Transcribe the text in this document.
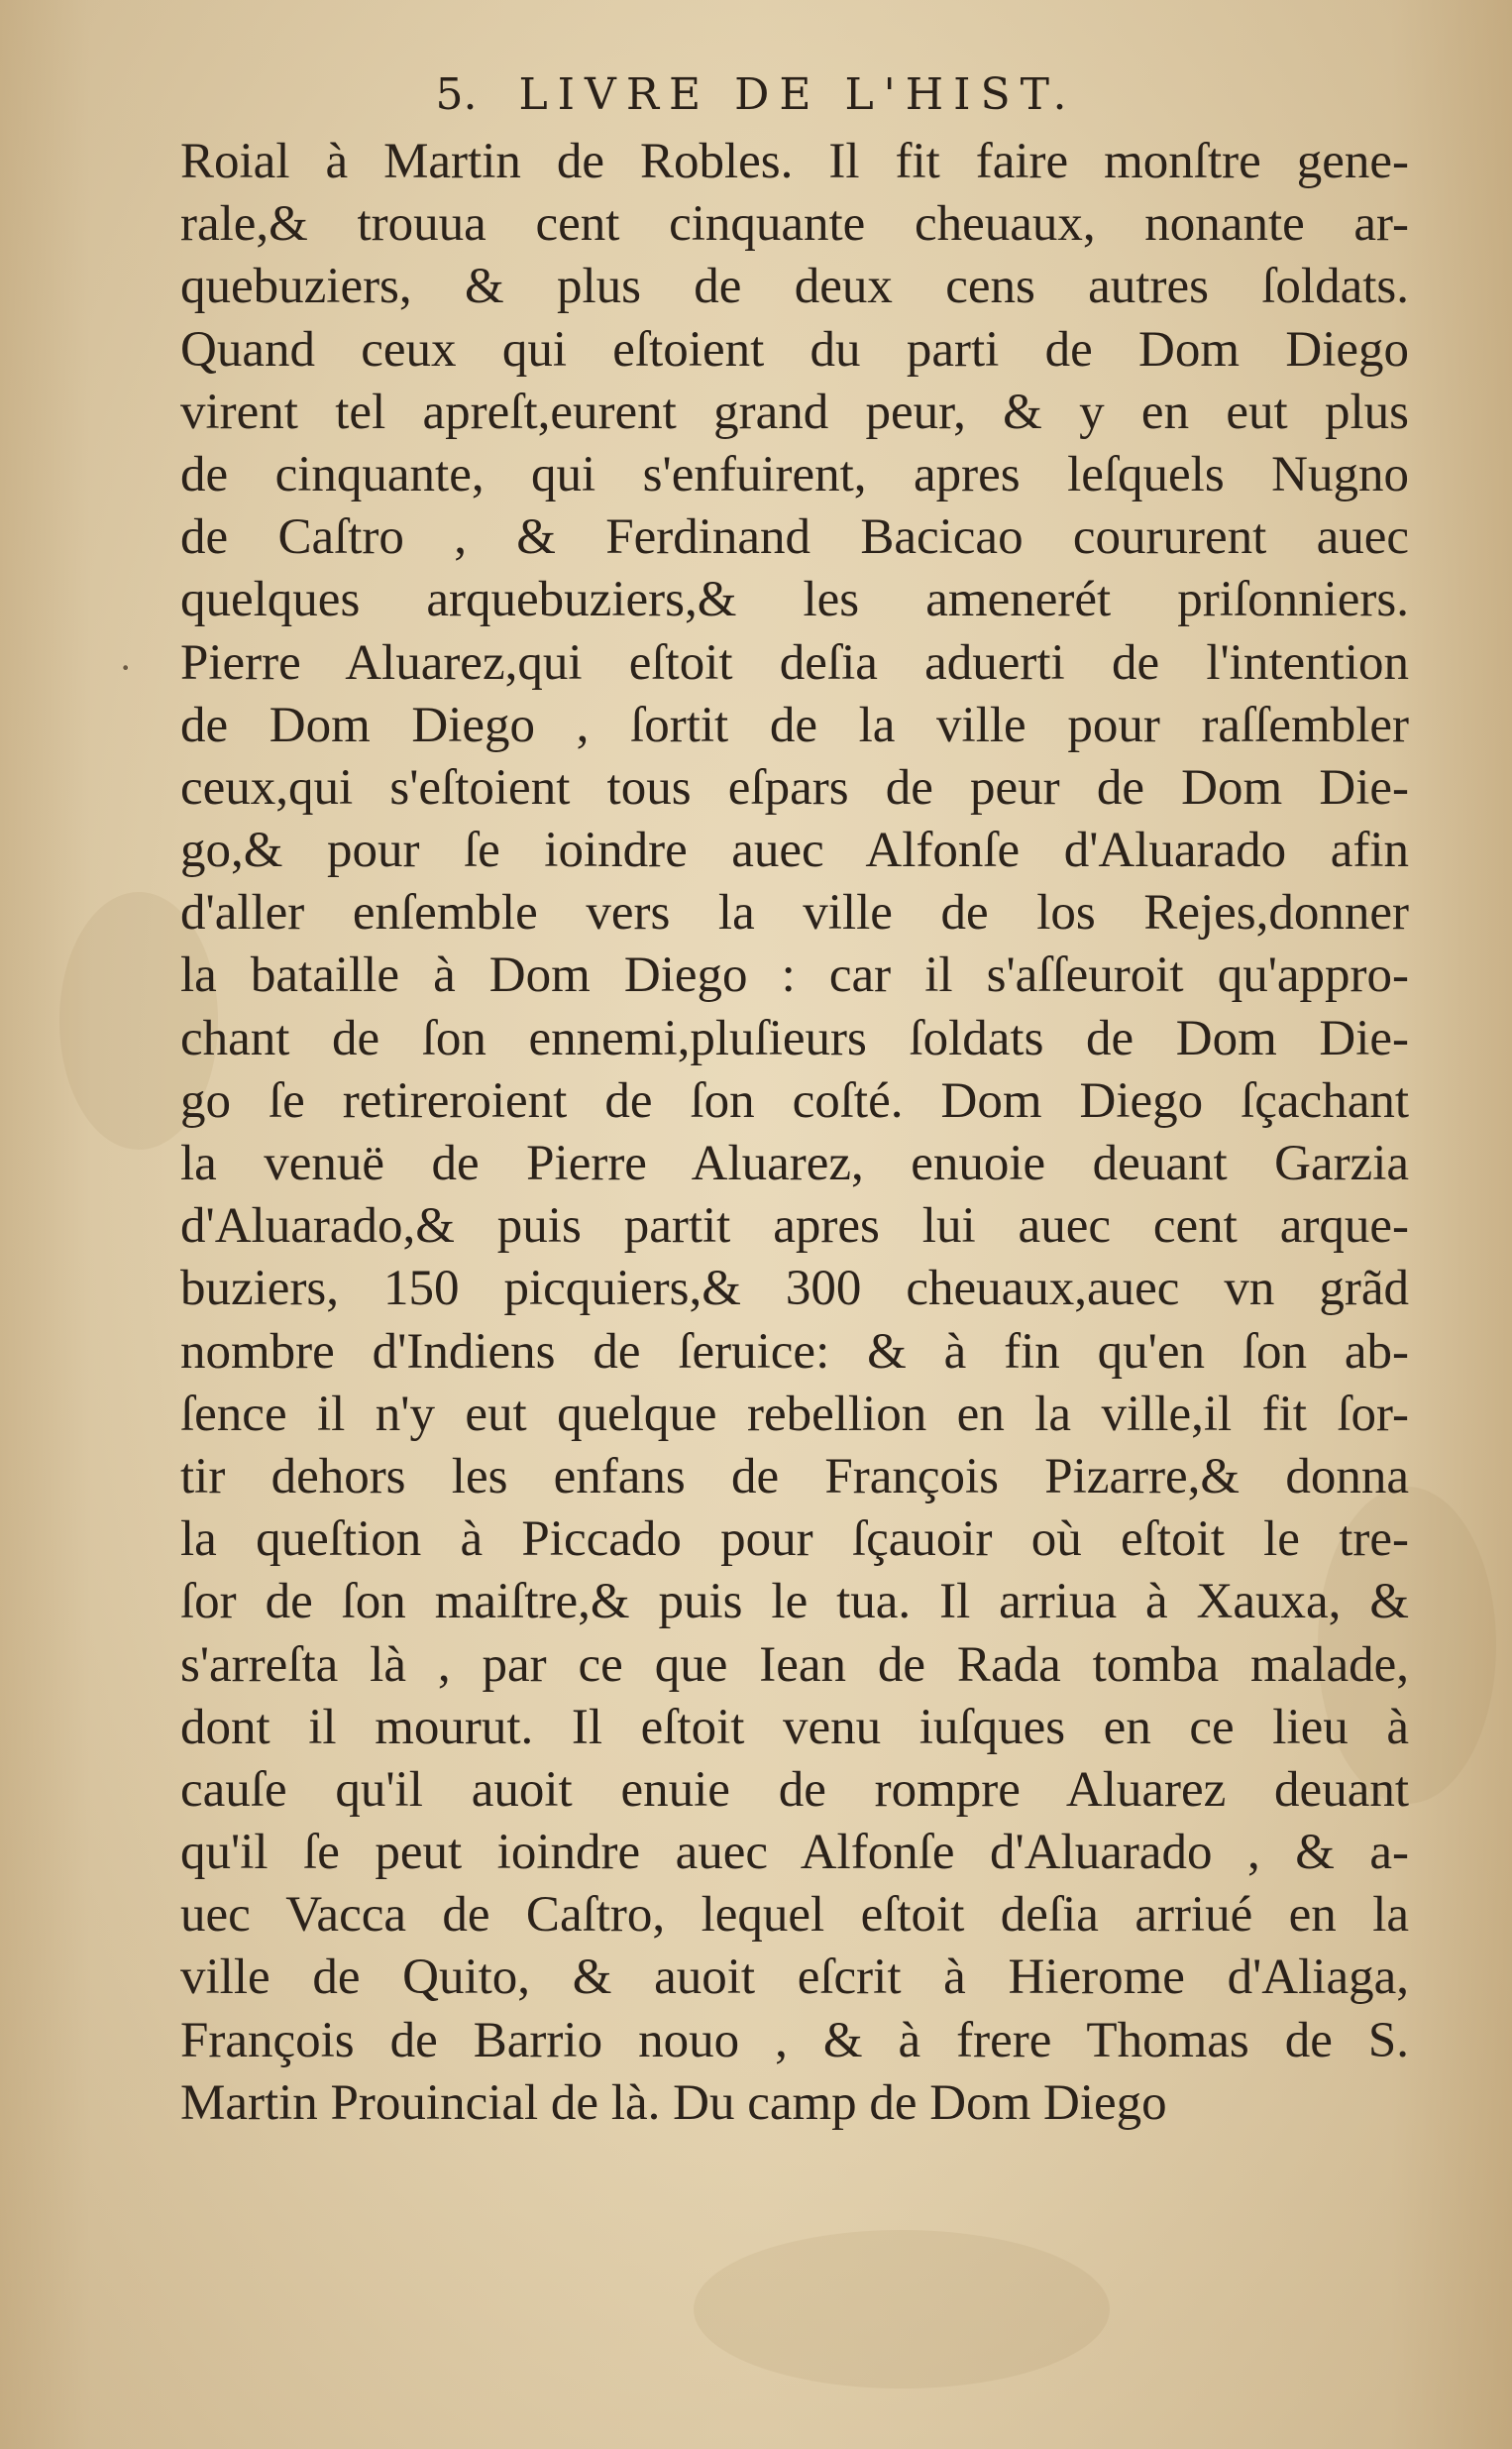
5. LIVRE DE L'HIST.
·
Roial à Martin de Robles. Il fit faire monſtre gene-
rale,& trouua cent cinquante cheuaux, nonante ar-
quebuziers, & plus de deux cens autres ſoldats.
Quand ceux qui eſtoient du parti de Dom Diego
virent tel apreſt,eurent grand peur, & y en eut plus
de cinquante, qui s'enfuirent, apres leſquels Nugno
de Caſtro , & Ferdinand Bacicao coururent auec
quelques arquebuziers,& les amenerét priſonniers.
Pierre Aluarez,qui eſtoit deſia aduerti de l'intention
de Dom Diego , ſortit de la ville pour raſſembler
ceux,qui s'eſtoient tous eſpars de peur de Dom Die-
go,& pour ſe ioindre auec Alfonſe d'Aluarado afin
d'aller enſemble vers la ville de los Rejes,donner
la bataille à Dom Diego : car il s'aſſeuroit qu'appro-
chant de ſon ennemi,pluſieurs ſoldats de Dom Die-
go ſe retireroient de ſon coſté. Dom Diego ſçachant
la venuë de Pierre Aluarez, enuoie deuant Garzia
d'Aluarado,& puis partit apres lui auec cent arque-
buziers, 150 picquiers,& 300 cheuaux,auec vn grãd
nombre d'Indiens de ſeruice: & à fin qu'en ſon ab-
ſence il n'y eut quelque rebellion en la ville,il fit ſor-
tir dehors les enfans de François Pizarre,& donna
la queſtion à Piccado pour ſçauoir où eſtoit le tre-
ſor de ſon maiſtre,& puis le tua. Il arriua à Xauxa, &
s'arreſta là , par ce que Iean de Rada tomba malade,
dont il mourut. Il eſtoit venu iuſques en ce lieu à
cauſe qu'il auoit enuie de rompre Aluarez deuant
qu'il ſe peut ioindre auec Alfonſe d'Aluarado , & a-
uec Vacca de Caſtro, lequel eſtoit deſia arriué en la
ville de Quito, & auoit eſcrit à Hierome d'Aliaga,
François de Barrio nouo , & à frere Thomas de S.
Martin Prouincial de là. Du camp de Dom Diego
